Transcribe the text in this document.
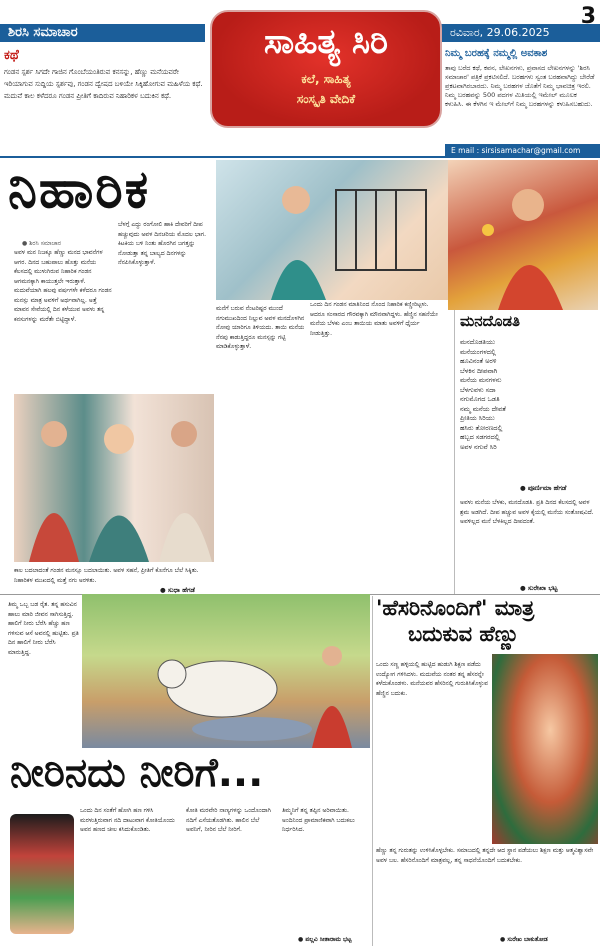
ಶಿರಸಿ ಸಮಾಚಾರ	ರವಿವಾರ, 29.06.2025
3
ಸಾಹಿತ್ಯ ಸಿರಿ
ಕಲೆ, ಸಾಹಿತ್ಯ
ಸಂಸ್ಕೃತಿ ವೇದಿಕೆ
ಕಥೆ
ಗಂಡನ ಸ್ಪರ್ಶ ಸಿಗದೇ ಗಾಜಿನ ಗೊಂಬೆಯಂತಿರುವ ಕನಸನ್ನು, ಹೆಣ್ಣು ಮನೆಯವರೇ ಇರಿಯಾಗುವ ಸುದ್ದಿಯ ಸ್ಪರ್ಶವು, ಗಂಡನ ದ್ವೇಷದ ಬಳಿಯೇ ಸಿಕ್ಕಿಹೋಗುವ ಮಹಿಳೆಯ ಕಥೆ. ಮದುವೆ ಕಾಲ ಕಳೆದರೂ ಗಂಡನ ಪ್ರೀತಿಗೆ ಕಾದಿರುವ ನಿಹಾರಿಕಳ ಬದುಕಿನ ಕಥೆ.
ನಿಮ್ಮ ಬರಹಕ್ಕೆ ನಮ್ಮಲ್ಲಿ ಅವಕಾಶ
ತಾವು ಬರೆದ ಕಥೆ, ಕವನ, ಲೇಖನಗಳು, ಪ್ರವಾಸದ ಲೇಖನಗಳನ್ನು 'ಶಿರಸಿ ಸಮಾಚಾರ' ಪತ್ರಿಕೆ ಪ್ರಕಟಿಸಲಿದೆ. ಬರಹಗಳು ಸ್ವಂತ ಬರಹವಾಗಿದ್ದು ಬೇರೆಡೆ ಪ್ರಕಟವಾಗಿರಬಾರದು. ನಿಮ್ಮ ಬರಹಗಳ ಜೊತೆಗೆ ನಿಮ್ಮ ಭಾವಚಿತ್ರ ಇರಲಿ. ನಿಮ್ಮ ಬರಹವನ್ನು 500 ಪದಗಳ ಮಿತಿಯಲ್ಲಿ ಇಮೇಲ್ ಮೂಲಕ ಕಳುಹಿಸಿ. ಈ ಕೆಳಗಿನ ಇ ಮೇಲ್‌ಗೆ ನಿಮ್ಮ ಬರಹಗಳನ್ನು ಕಳುಹಿಸಬಹುದು.
E mail : sirsisamachar@gmail.com
ನಿಹಾರಿಕ
● ಶಿರಸಿ ಸಮಾಚಾರ
ಅವಳ ಮನ ನಿಜಕ್ಕೂ ಹೆಣ್ಣು ಮನದ ಭಾವನೆಗಳ ಆಗರ. ದಿನದ ಬಹುಪಾಲು ಹೊತ್ತು ಮನೆಯ ಕೆಲಸದಲ್ಲಿ ಮುಳುಗಿರುವ ನಿಹಾರಿಕ ಗಂಡನ ಆಗಮನಕ್ಕಾಗಿ ಕಾಯುತ್ತಲೇ ಇರುತ್ತಾಳೆ. ಮದುವೆಯಾಗಿ ಹಲವು ವರ್ಷಗಳೇ ಕಳೆದರೂ ಗಂಡನ ಮನಸ್ಸು ಮಾತ್ರ ಅವಳಿಗೆ ಅರ್ಥವಾಗಿಲ್ಲ. ಅತ್ತೆ ಮಾವನ ಸೇವೆಯಲ್ಲಿ ದಿನ ಕಳೆಯುವ ಅವಳು ತನ್ನ ಕನಸುಗಳನ್ನು ಮರೆತೇ ಬಿಟ್ಟಿದ್ದಾಳೆ.
ಬೆಳಗ್ಗೆ ಎದ್ದು ರಂಗೋಲಿ ಹಾಕಿ ದೇವರಿಗೆ ದೀಪ ಹಚ್ಚುವುದು ಅವಳ ದಿನಚರಿಯ ಮೊದಲ ಭಾಗ. ಕಿಟಕಿಯ ಬಳಿ ನಿಂತು ಹೊರಗಿನ ಜಗತ್ತನ್ನು ನೋಡುತ್ತಾ ತನ್ನ ಬಾಲ್ಯದ ದಿನಗಳನ್ನು ನೆನಪಿಸಿಕೊಳ್ಳುತ್ತಾಳೆ.
ಮನೆಗೆ ಬರುವ ನೆಂಟರಿಷ್ಟರ ಮುಂದೆ ನಗುಮುಖದಿಂದ ನಿಲ್ಲುವ ಅವಳ ಮನದೊಳಗಿನ ನೋವು ಯಾರಿಗೂ ತಿಳಿಯದು. ತಾಯಿ ಮನೆಯ ನೆನಪು ಕಾಡುತ್ತಿದ್ದರೂ ಮನಸ್ಸನ್ನು ಗಟ್ಟಿ ಮಾಡಿಕೊಳ್ಳುತ್ತಾಳೆ.
ಒಂದು ದಿನ ಗಂಡನ ಮಾತಿನಿಂದ ನೊಂದ ನಿಹಾರಿಕ ಕಣ್ಣೀರಿಟ್ಟಳು. ಆದರೂ ಸಂಸಾರದ ಗೌರವಕ್ಕಾಗಿ ಮೌನವಾಗಿದ್ದಳು. ಹೆಣ್ಣಿನ ಸಹನೆಯೇ ಮನೆಯ ಬೆಳಕು ಎಂಬ ತಾಯಿಯ ಮಾತು ಅವಳಿಗೆ ಧೈರ್ಯ ನೀಡುತ್ತಿತ್ತು.
ಕಾಲ ಬದಲಾದಂತೆ ಗಂಡನ ಮನಸ್ಸೂ ಬದಲಾಯಿತು. ಅವಳ ಸಹನೆ, ಪ್ರೀತಿಗೆ ಕೊನೆಗೂ ಬೆಲೆ ಸಿಕ್ಕಿತು. ನಿಹಾರಿಕಳ ಮುಖದಲ್ಲಿ ಮತ್ತೆ ನಗು ಅರಳಿತು.
● ಸುಧಾ ಹೆಗಡೆ
ಮನದೊಡತಿ
ಮನದೊಡತಿಯು
ಮನೆಯಂಗಳದಲ್ಲಿ
ಹೂವಿನಂತೆ ಅರಳಿ
ಬೆಳಕಿನ ದೀಪವಾಗಿ
ಮನೆಯ ಮನಗಳನು
ಬೆಳಗುವಳು ಸದಾ
ನಗುಮೊಗದ ಒಡತಿ
ನಮ್ಮ ಮನೆಯ ದೇವತೆ
ಪ್ರೀತಿಯ ಸಿರಿಯು
ಹಸಿರು ತೋರಣದಲ್ಲಿ
ಹಬ್ಬದ ಸಡಗರದಲ್ಲಿ
ಅವಳ ನಗುವೆ ಸಿರಿ
● ಪೂರ್ಣಿಮಾ ಹೆಗಡೆ
ಅವಳು ಮನೆಯ ಬೆಳಕು, ಮನದೊಡತಿ. ಪ್ರತಿ ದಿನದ ಕೆಲಸದಲ್ಲಿ ಅವಳ ಶ್ರಮ ಅಡಗಿದೆ. ದೀಪ ಹಚ್ಚುವ ಅವಳ ಕೈಯಲ್ಲಿ ಮನೆಯ ಸಂತೋಷವಿದೆ. ಅವಳಿಲ್ಲದ ಮನೆ ಬೆಳಕಿಲ್ಲದ ದೀಪದಂತೆ.
● ಸುರೇಖಾ ಭಟ್ಟ
ತಿಮ್ಮ ಒಬ್ಬ ಬಡ ರೈತ. ತನ್ನ ಹಸುವಿನ ಹಾಲು ಮಾರಿ ಜೀವನ ಸಾಗಿಸುತ್ತಿದ್ದ. ಹಾಲಿಗೆ ನೀರು ಬೆರೆಸಿ ಹೆಚ್ಚು ಹಣ ಗಳಿಸುವ ಆಸೆ ಅವನಲ್ಲಿ ಹುಟ್ಟಿತು. ಪ್ರತಿ ದಿನ ಹಾಲಿಗೆ ನೀರು ಬೆರೆಸಿ ಮಾರುತ್ತಿದ್ದ.
ನೀರಿನದು ನೀರಿಗೆ...
ಒಂದು ದಿನ ಸಂತೆಗೆ ಹೋಗಿ ಹಣ ಗಳಿಸಿ ಮರಳುತ್ತಿರುವಾಗ ನದಿ ದಾಟುವಾಗ ಕೋತಿಯೊಂದು ಅವನ ಹಣದ ಚೀಲ ಕಸಿದುಕೊಂಡಿತು.
ಕೋತಿ ಮರವೇರಿ ನಾಣ್ಯಗಳನ್ನು ಒಂದೊಂದಾಗಿ ನದಿಗೆ ಎಸೆಯತೊಡಗಿತು. ಹಾಲಿನ ಬೆಲೆ ಅವನಿಗೆ, ನೀರಿನ ಬೆಲೆ ನೀರಿಗೆ.
ತಿಮ್ಮನಿಗೆ ತನ್ನ ತಪ್ಪಿನ ಅರಿವಾಯಿತು. ಅಂದಿನಿಂದ ಪ್ರಾಮಾಣಿಕವಾಗಿ ಬದುಕಲು ನಿರ್ಧರಿಸಿದ.
● ಪಲ್ಲವಿ ಸೀತಾರಾಮ ಭಟ್ಟ
'ಹೆಸರಿನೊಂದಿಗೆ' ಮಾತ್ರ
ಬದುಕುವ ಹೆಣ್ಣು
ಒಂದು ಸಣ್ಣ ಹಳ್ಳಿಯಲ್ಲಿ ಹುಟ್ಟಿದ ಹುಡುಗಿ ಶಿಕ್ಷಣ ಪಡೆದು ಉದ್ಯೋಗ ಗಳಿಸಿದಳು. ಮದುವೆಯ ನಂತರ ತನ್ನ ಹೆಸರನ್ನೇ ಕಳೆದುಕೊಂಡಳು. ಮನೆಯವರ ಹೆಸರಿನಲ್ಲಿ ಗುರುತಿಸಿಕೊಳ್ಳುವ ಹೆಣ್ಣಿನ ಬದುಕು.
ಹೆಣ್ಣು ತನ್ನ ಗುರುತನ್ನು ಉಳಿಸಿಕೊಳ್ಳಬೇಕು. ಸಮಾಜದಲ್ಲಿ ತನ್ನದೇ ಆದ ಸ್ಥಾನ ಪಡೆಯಲು ಶಿಕ್ಷಣ ಮತ್ತು ಆತ್ಮವಿಶ್ವಾಸವೇ ಅವಳ ಬಲ. ಹೆಸರಿನೊಂದಿಗೆ ಮಾತ್ರವಲ್ಲ, ತನ್ನ ಸಾಧನೆಯೊಂದಿಗೆ ಬದುಕಬೇಕು.
● ಸುರೇಖ ಬಾಕುತೋಡ
